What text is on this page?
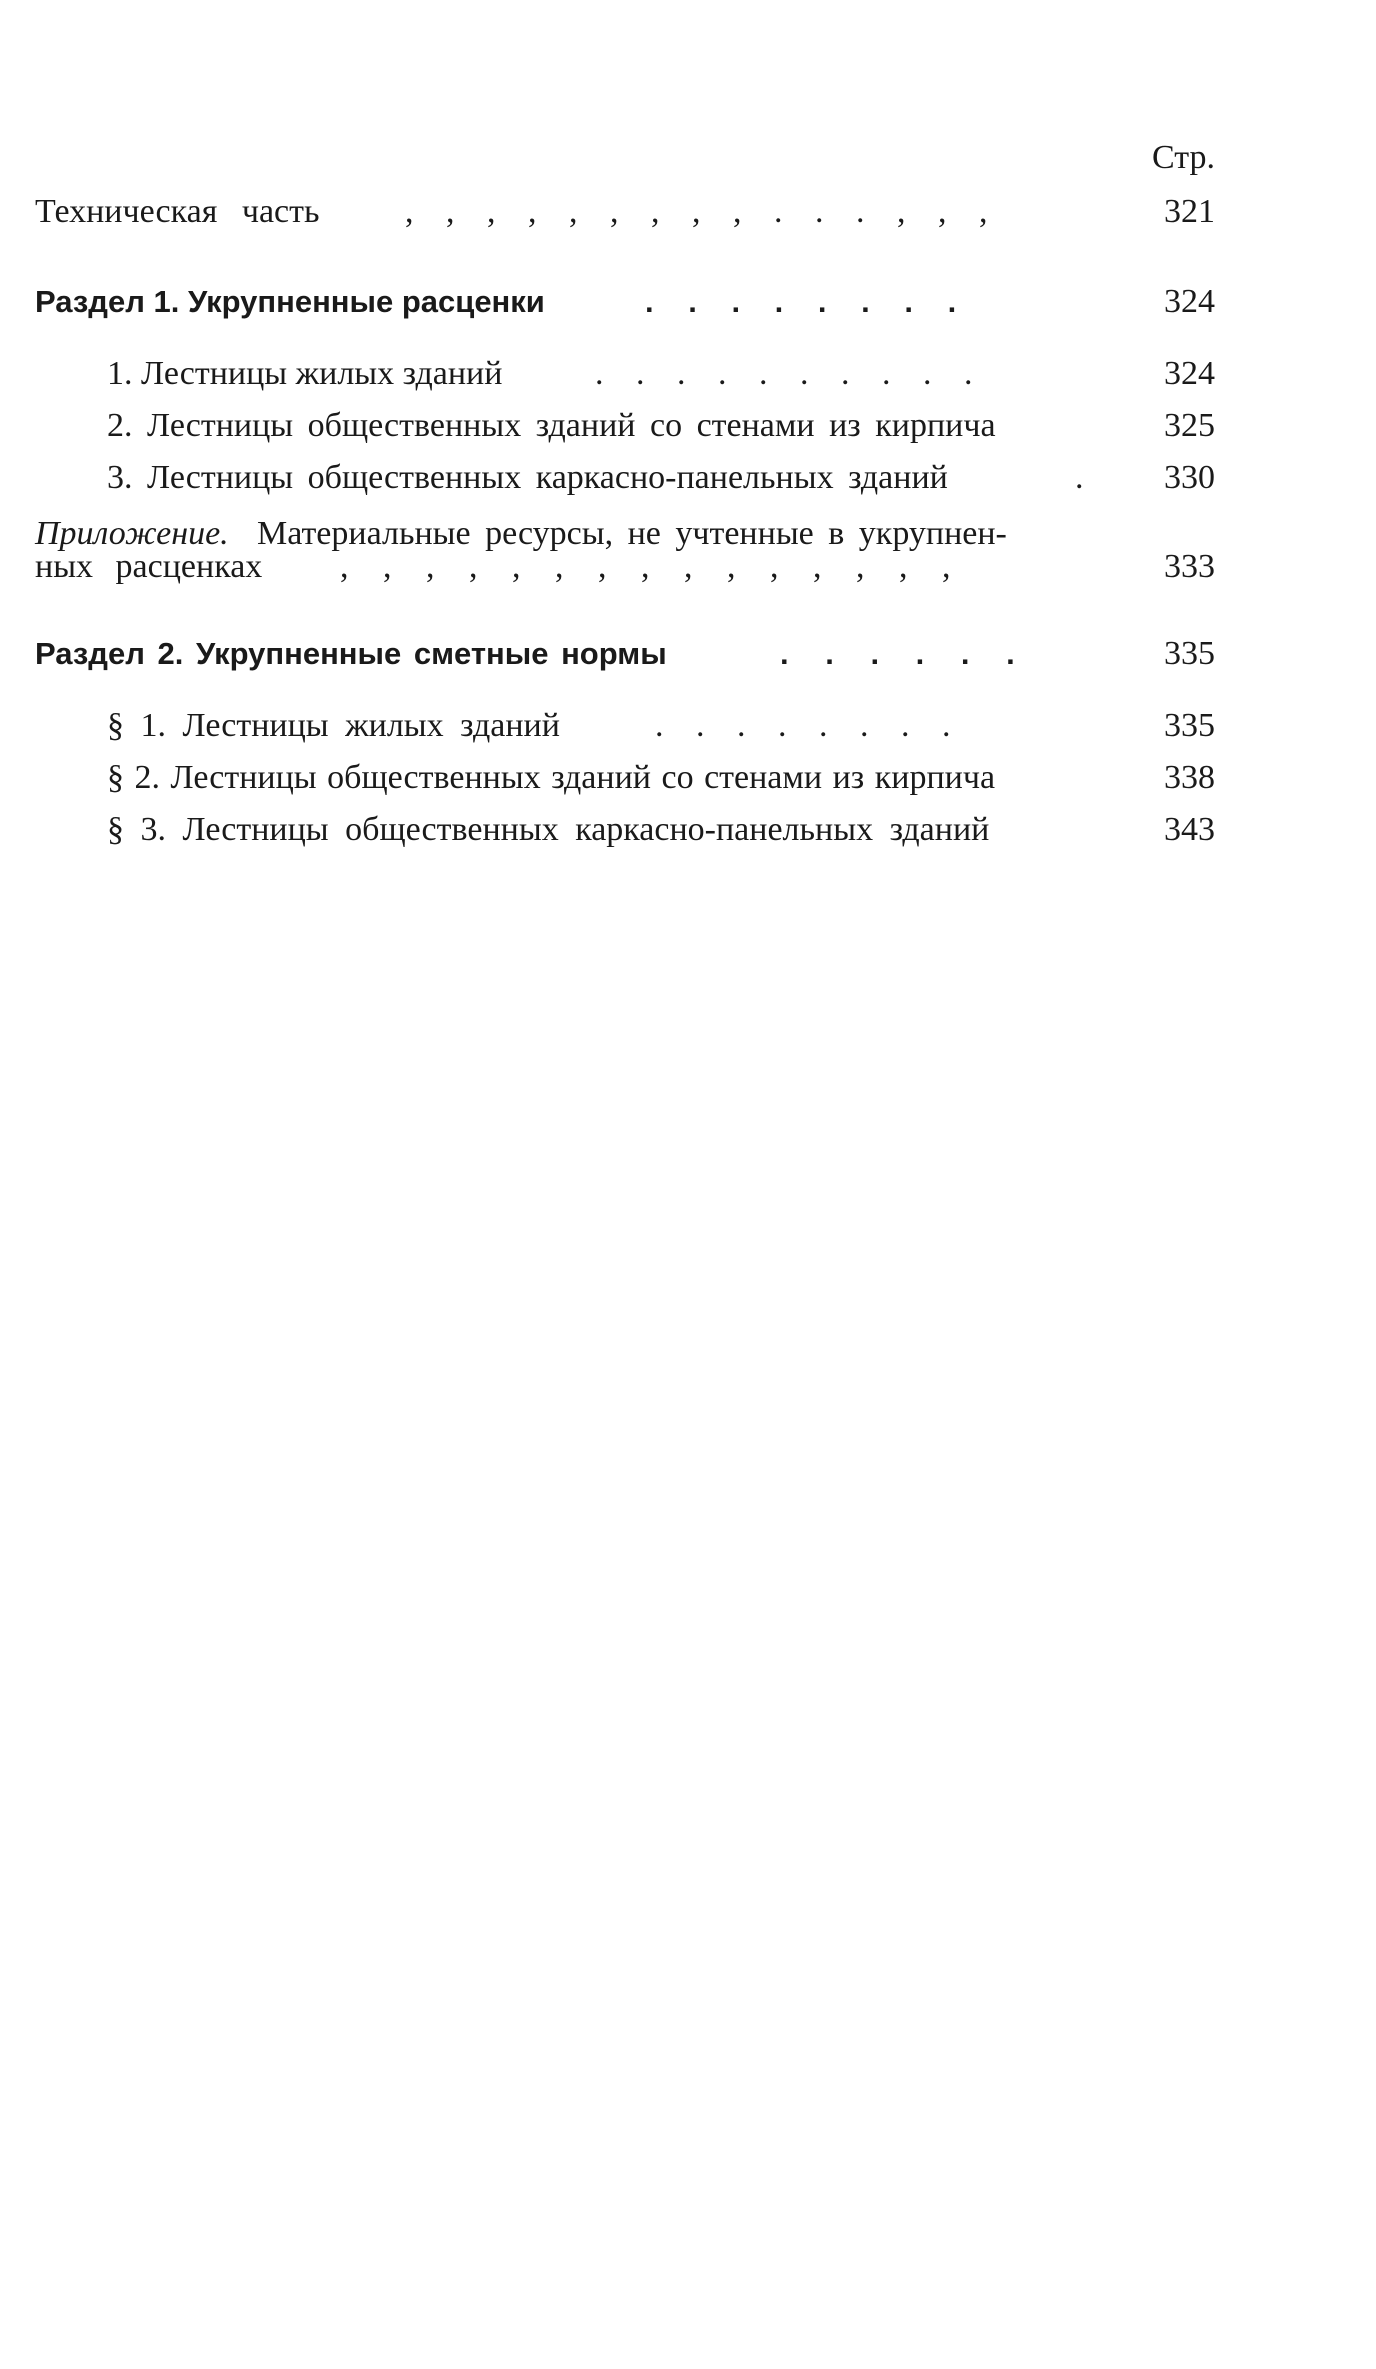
Стр.
Техническая часть	, , , , , , , , , . . . , , ,	321
Раздел 1. Укрупненные расценки	. . . . . . . .	324
1. Лестницы жилых зданий	. . . . . . . . . .	324
2. Лестницы общественных зданий со стенами из кирпича	325
3. Лестницы общественных каркасно-панельных зданий	.	330
Приложение. Материальные ресурсы, не учтенные в укрупнен-
ных расценках , , , , , , , , , , , , , , ,	333
Раздел 2. Укрупненные сметные нормы	. . . . . .	335
§ 1. Лестницы жилых зданий	. . . . . . . .	335
§ 2. Лестницы общественных зданий со стенами из кирпича	338
§ 3. Лестницы общественных каркасно-панельных зданий	343
